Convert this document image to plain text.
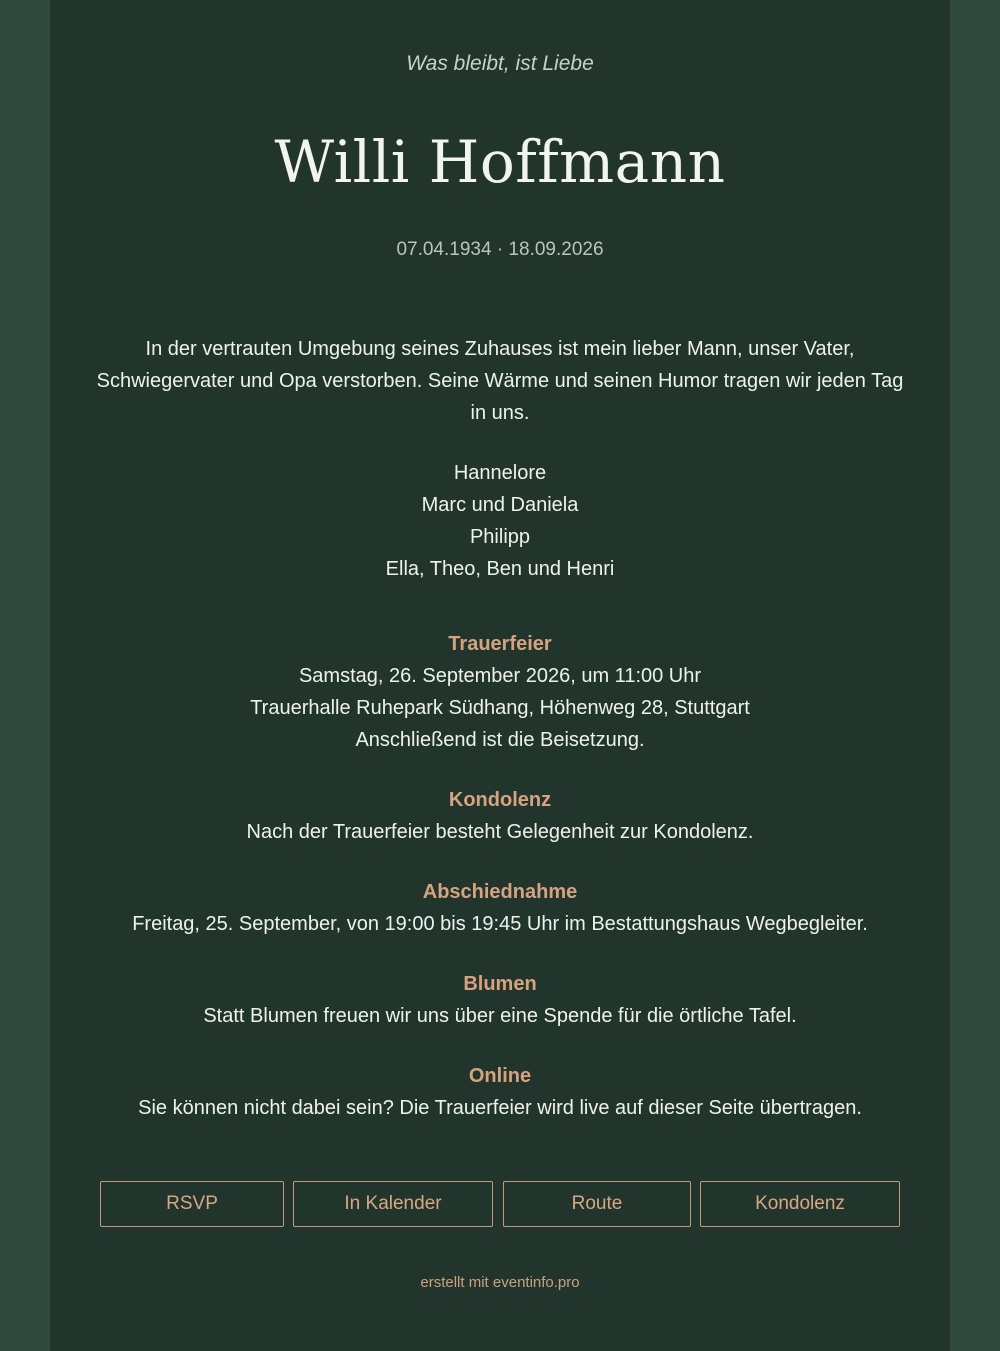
Was bleibt, ist Liebe
Willi Hoffmann
07.04.1934 · 18.09.2026
In der vertrauten Umgebung seines Zuhauses ist mein lieber Mann, unser Vater, Schwiegervater und Opa verstorben. Seine Wärme und seinen Humor tragen wir jeden Tag in uns.
Hannelore
Marc und Daniela
Philipp
Ella, Theo, Ben und Henri
Trauerfeier
Samstag, 26. September 2026, um 11:00 Uhr
Trauerhalle Ruhepark Südhang, Höhenweg 28, Stuttgart
Anschließend ist die Beisetzung.
Kondolenz
Nach der Trauerfeier besteht Gelegenheit zur Kondolenz.
Abschiednahme
Freitag, 25. September, von 19:00 bis 19:45 Uhr im Bestattungshaus Wegbegleiter.
Blumen
Statt Blumen freuen wir uns über eine Spende für die örtliche Tafel.
Online
Sie können nicht dabei sein? Die Trauerfeier wird live auf dieser Seite übertragen.
RSVP	In Kalender	Route	Kondolenz
erstellt mit eventinfo.pro
